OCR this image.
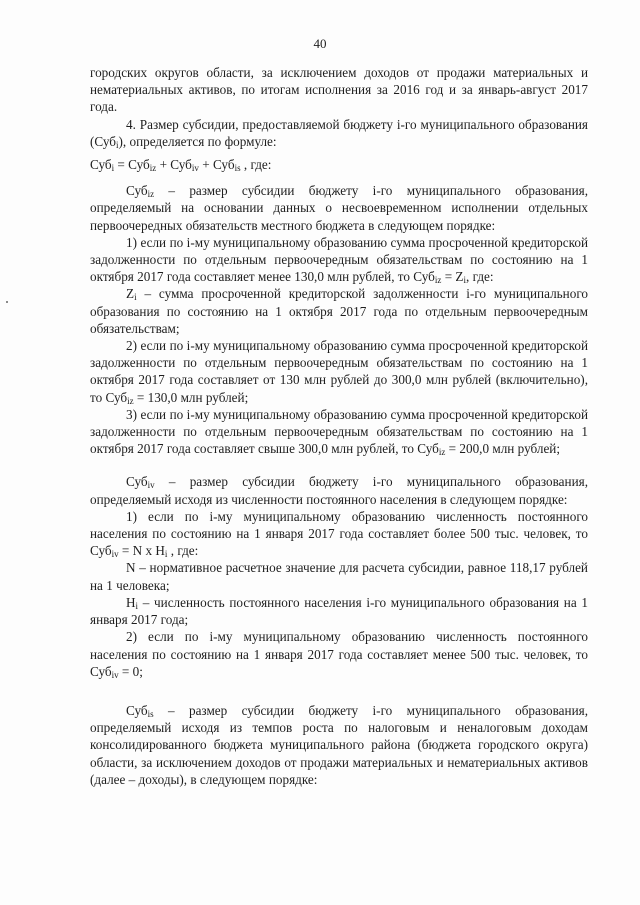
40

городских округов области, за исключением доходов от продажи материальных и нематериальных активов, по итогам исполнения за 2016 год и за январь-август 2017 года.

4. Размер субсидии, предоставляемой бюджету i-го муниципального образования (Суб$_i$), определяется по формуле:

Суб$_i$ = Суб$_{iz}$ + Суб$_{iv}$ + Суб$_{is}$ , где:

Суб$_{iz}$ – размер субсидии бюджету i-го муниципального образования, определяемый на основании данных о несвоевременном исполнении отдельных первоочередных обязательств местного бюджета в следующем порядке:

1) если по i-му муниципальному образованию сумма просроченной кредиторской задолженности по отдельным первоочередным обязательствам по состоянию на 1 октября 2017 года составляет менее 130,0 млн рублей, то $Суб_{iz} = Z_i$, где:

$Z_i$ – сумма просроченной кредиторской задолженности i-го муниципального образования по состоянию на 1 октября 2017 года по отдельным первоочередным обязательствам;

2) если по i-му муниципальному образованию сумма просроченной кредиторской задолженности по отдельным первоочередным обязательствам по состоянию на 1 октября 2017 года составляет от 130 млн рублей до 300,0 млн рублей (включительно), то Суб$_{iz}$ = 130,0 млн рублей;

3) если по i-му муниципальному образованию сумма просроченной кредиторской задолженности по отдельным первоочередным обязательствам по состоянию на 1 октября 2017 года составляет свыше 300,0 млн рублей, то Суб$_{iz}$ = 200,0 млн рублей;

Суб$_{iv}$ – размер субсидии бюджету i-го муниципального образования, определяемый исходя из численности постоянного населения в следующем порядке:

1) если по i-му муниципальному образованию численность постоянного населения по состоянию на 1 января 2017 года составляет более 500 тыс. человек, то Суб$_{iv}$ = N x $H_i$ , где:

N – нормативное расчетное значение для расчета субсидии, равное 118,17 рублей на 1 человека;

$H_i$ – численность постоянного населения i-го муниципального образования на 1 января 2017 года;

2) если по i-му муниципальному образованию численность постоянного населения по состоянию на 1 января 2017 года составляет менее 500 тыс. человек, то Суб$_{iv}$ = 0;

Суб$_{is}$ – размер субсидии бюджету i-го муниципального образования, определяемый исходя из темпов роста по налоговым и неналоговым доходам консолидированного бюджета муниципального района (бюджета городского округа) области, за исключением доходов от продажи материальных и нематериальных активов (далее – доходы), в следующем порядке:
